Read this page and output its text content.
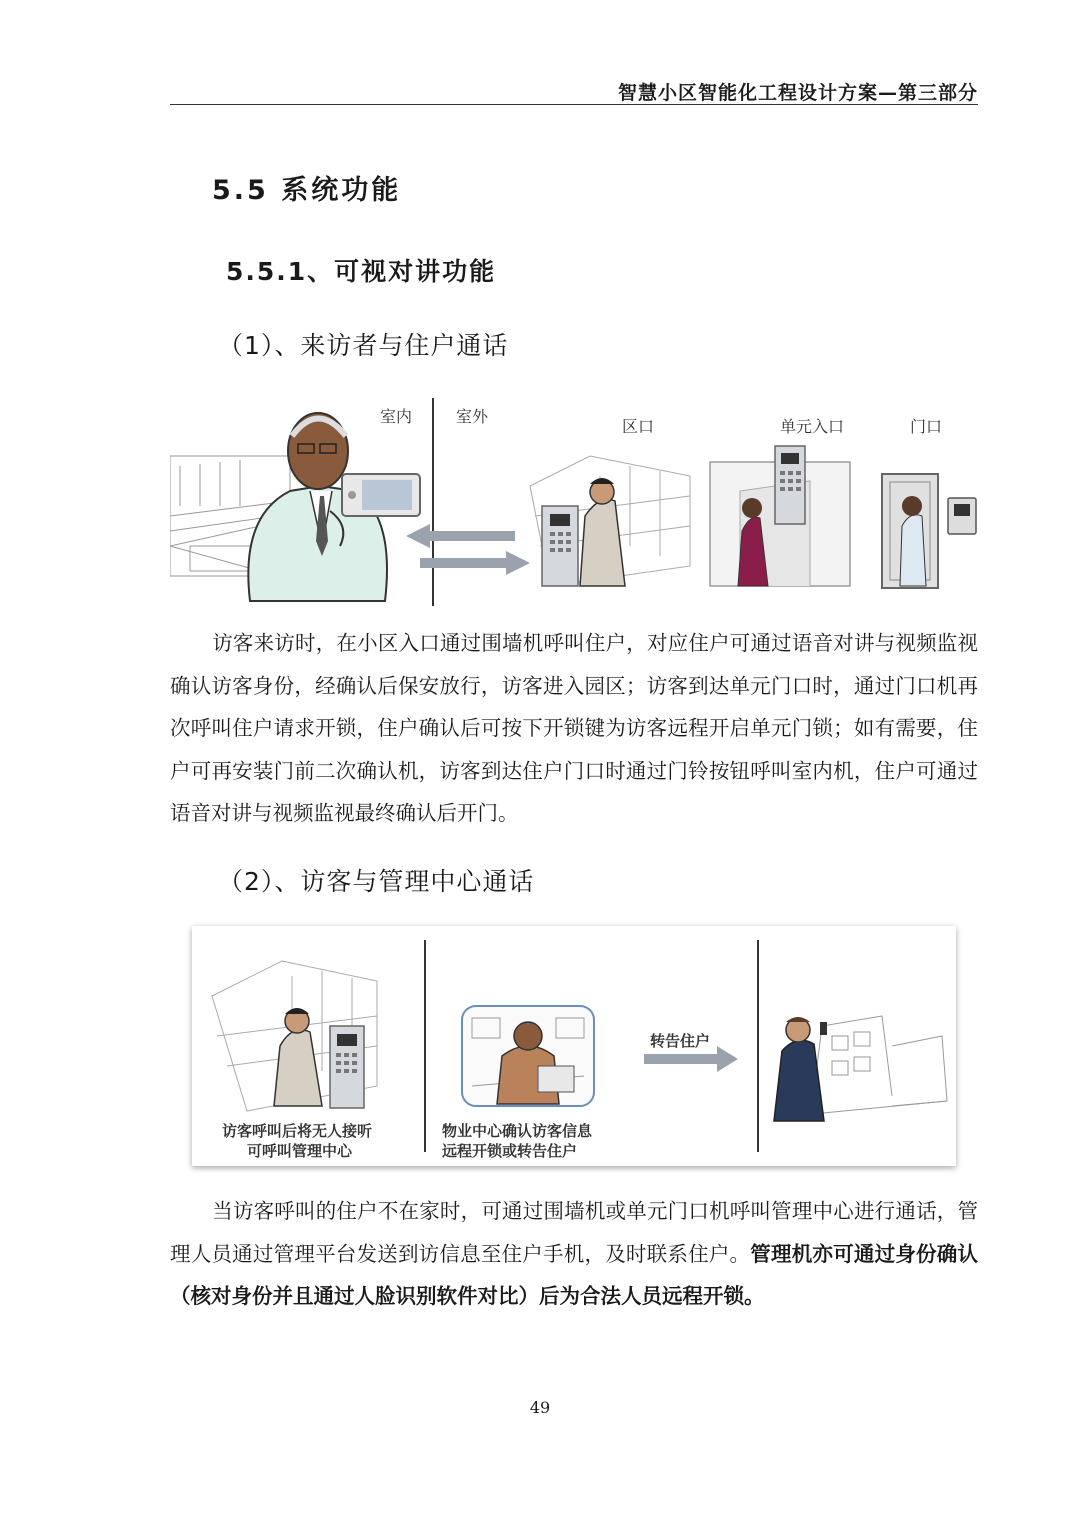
智慧小区智能化工程设计方案—第三部分
5.5 系统功能
5.5.1、可视对讲功能
（1）、来访者与住户通话
室内	室外
区口	单元入口	门口
访客来访时，在小区入口通过围墙机呼叫住户，对应住户可通过语音对讲与视频监视确认访客身份，经确认后保安放行，访客进入园区；访客到达单元门口时，通过门口机再次呼叫住户请求开锁，住户确认后可按下开锁键为访客远程开启单元门锁；如有需要，住户可再安装门前二次确认机，访客到达住户门口时通过门铃按钮呼叫室内机，住户可通过语音对讲与视频监视最终确认后开门。
（2）、访客与管理中心通话
访客呼叫后将无人接听
可呼叫管理中心
物业中心确认访客信息
远程开锁或转告住户
转告住户
当访客呼叫的住户不在家时，可通过围墙机或单元门口机呼叫管理中心进行通话，管理人员通过管理平台发送到访信息至住户手机，及时联系住户。管理机亦可通过身份确认（核对身份并且通过人脸识别软件对比）后为合法人员远程开锁。
49
